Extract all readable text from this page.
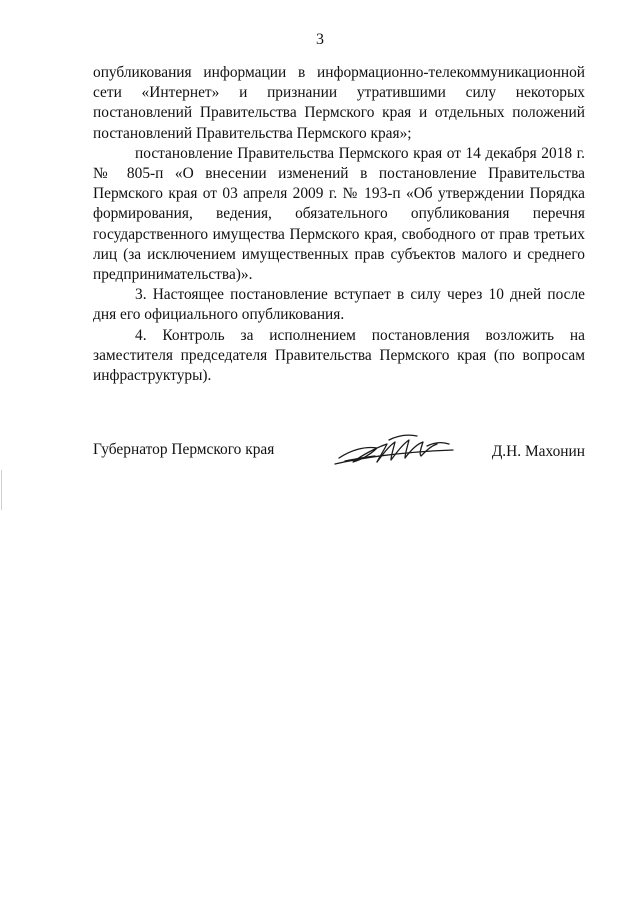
3

опубликования информации в информационно-телекоммуникационной сети «Интернет» и признании утратившими силу некоторых постановлений Правительства Пермского края и отдельных положений постановлений Правительства Пермского края»;

постановление Правительства Пермского края от 14 декабря 2018 г. № 805-п «О внесении изменений в постановление Правительства Пермского края от 03 апреля 2009 г. № 193-п «Об утверждении Порядка формирования, ведения, обязательного опубликования перечня государственного имущества Пермского края, свободного от прав третьих лиц (за исключением имущественных прав субъектов малого и среднего предпринимательства)».

3. Настоящее постановление вступает в силу через 10 дней после дня его официального опубликования.

4. Контроль за исполнением постановления возложить на заместителя председателя Правительства Пермского края (по вопросам инфраструктуры).

Губернатор Пермского края	Д.Н. Махонин
